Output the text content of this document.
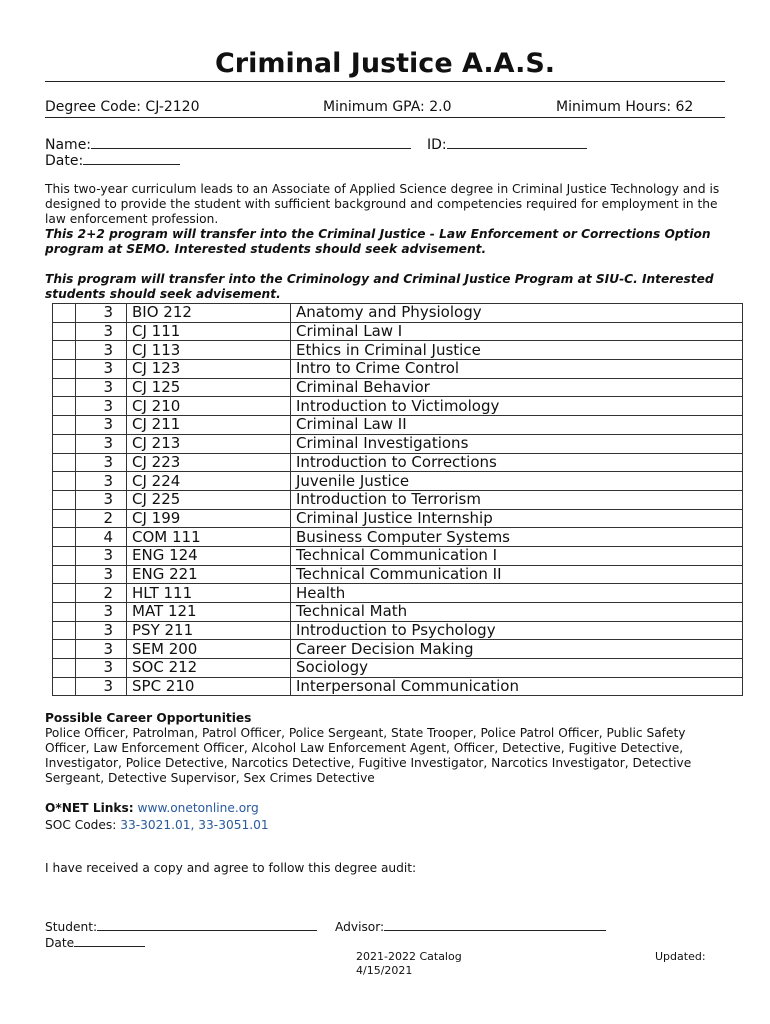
Criminal Justice A.A.S.
Degree Code: CJ-2120	Minimum GPA: 2.0	Minimum Hours: 62
Name:	ID:
Date:
This two-year curriculum leads to an Associate of Applied Science degree in Criminal Justice Technology and is designed to provide the student with sufficient background and competencies required for employment in the law enforcement profession.
This 2+2 program will transfer into the Criminal Justice - Law Enforcement or Corrections Option program at SEMO. Interested students should seek advisement.
This program will transfer into the Criminology and Criminal Justice Program at SIU-C. Interested students should seek advisement.
	3	BIO 212	Anatomy and Physiology
	3	CJ 111	Criminal Law I
	3	CJ 113	Ethics in Criminal Justice
	3	CJ 123	Intro to Crime Control
	3	CJ 125	Criminal Behavior
	3	CJ 210	Introduction to Victimology
	3	CJ 211	Criminal Law II
	3	CJ 213	Criminal Investigations
	3	CJ 223	Introduction to Corrections
	3	CJ 224	Juvenile Justice
	3	CJ 225	Introduction to Terrorism
	2	CJ 199	Criminal Justice Internship
	4	COM 111	Business Computer Systems
	3	ENG 124	Technical Communication I
	3	ENG 221	Technical Communication II
	2	HLT 111	Health
	3	MAT 121	Technical Math
	3	PSY 211	Introduction to Psychology
	3	SEM 200	Career Decision Making
	3	SOC 212	Sociology
	3	SPC 210	Interpersonal Communication
Possible Career Opportunities
Police Officer, Patrolman, Patrol Officer, Police Sergeant, State Trooper, Police Patrol Officer, Public Safety Officer, Law Enforcement Officer, Alcohol Law Enforcement Agent, Officer, Detective, Fugitive Detective, Investigator, Police Detective, Narcotics Detective, Fugitive Investigator, Narcotics Investigator, Detective Sergeant, Detective Supervisor, Sex Crimes Detective
O*NET Links: www.onetonline.org
SOC Codes: 33-3021.01, 33-3051.01
I have received a copy and agree to follow this degree audit:
Student:	Advisor:
Date
2021-2022 Catalog
4/15/2021
Updated:
